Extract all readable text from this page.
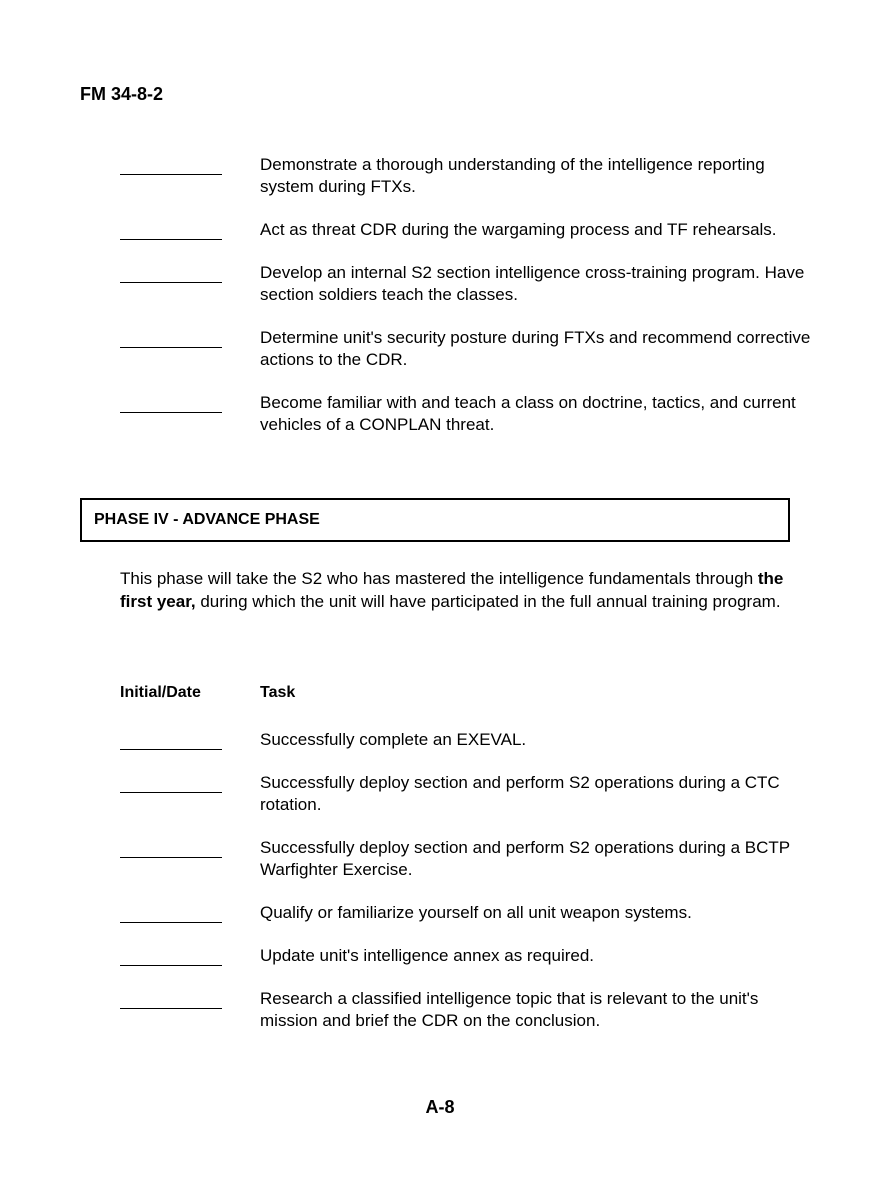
FM 34-8-2
Demonstrate a thorough understanding of the intelligence reporting system during FTXs.
Act as threat CDR during the wargaming process and TF rehearsals.
Develop an internal S2 section intelligence cross-training program. Have section soldiers teach the classes.
Determine unit's security posture during FTXs and recommend corrective actions to the CDR.
Become familiar with and teach a class on doctrine, tactics, and current vehicles of a CONPLAN threat.
PHASE IV - ADVANCE PHASE
This phase will take the S2 who has mastered the intelligence fundamentals through the first year, during which the unit will have participated in the full annual training program.
Initial/Date	Task
Successfully complete an EXEVAL.
Successfully deploy section and perform S2 operations during a CTC rotation.
Successfully deploy section and perform S2 operations during a BCTP Warfighter Exercise.
Qualify or familiarize yourself on all unit weapon systems.
Update unit's intelligence annex as required.
Research a classified intelligence topic that is relevant to the unit's mission and brief the CDR on the conclusion.
A-8
